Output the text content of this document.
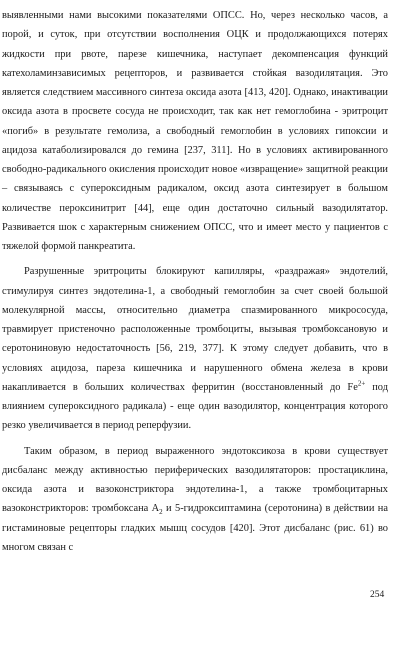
выявленными нами высокими показателями ОПСС. Но, через несколько часов, а порой, и суток, при отсутствии восполнения ОЦК и продолжающихся потерях жидкости при рвоте, парезе кишечника, наступает декомпенсация функций катехоламинзависимых рецепторов, и развивается стойкая вазодилятация. Это является следствием массивного синтеза оксида азота [413, 420]. Однако, инактивации оксида азота в просвете сосуда не происходит, так как нет гемоглобина - эритроцит «погиб» в результате гемолиза, а свободный гемоглобин в условиях гипоксии и ацидоза катаболизировался до гемина [237, 311]. Но в условиях активированного свободно-радикального окисления происходит новое «извращение» защитной реакции – связываясь с супероксидным радикалом, оксид азота синтезирует в большом количестве пероксинитрит [44], еще один достаточно сильный вазодилятатор. Развивается шок с характерным снижением ОПСС, что и имеет место у пациентов с тяжелой формой панкреатита.

Разрушенные эритроциты блокируют капилляры, «раздражая» эндотелий, стимулируя синтез эндотелина-1, а свободный гемоглобин за счет своей большой молекулярной массы, относительно диаметра спазмированного микрососуда, травмирует пристеночно расположенные тромбоциты, вызывая тромбоксановую и серотониновую недостаточность [56, 219, 377]. К этому следует добавить, что в условиях ацидоза, пареза кишечника и нарушенного обмена железа в крови накапливается в больших количествах ферритин (восстановленный до $Fe^{2+}$ под влиянием супероксидного радикала) - еще один вазодилятор, концентрация которого резко увеличивается в период реперфузии.

Таким образом, в период выраженного эндотоксикоза в крови существует дисбаланс между активностью периферических вазодилятаторов: простациклина, оксида азота и вазоконстриктора эндотелина-1, а также тромбоцитарных вазоконстрикторов: тромбоксана $А_2$ и 5-гидроксиптамина (серотонина) в действии на гистаминовые рецепторы гладких мышц сосудов [420]. Этот дисбаланс (рис. 61) во многом связан с

254
